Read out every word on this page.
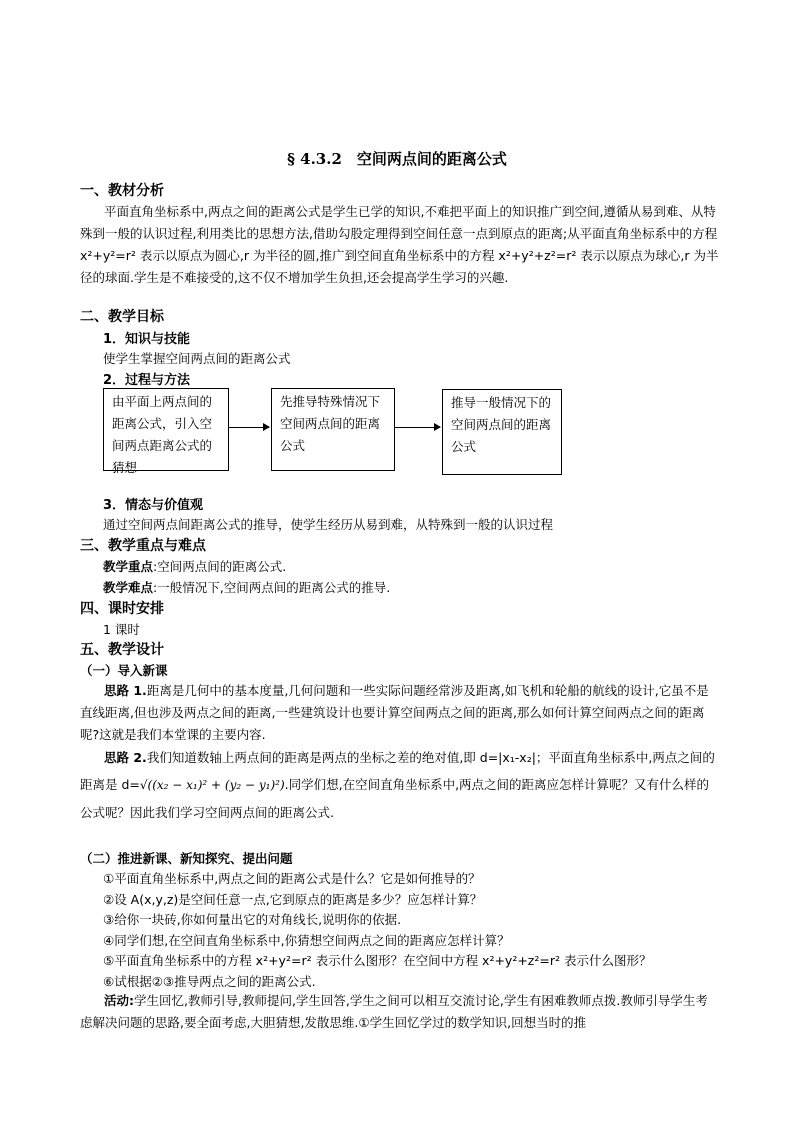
§ 4.3.2　空间两点间的距离公式
一、教材分析
平面直角坐标系中,两点之间的距离公式是学生已学的知识,不难把平面上的知识推广到空间,遵循从易到难、从特殊到一般的认识过程,利用类比的思想方法,借助勾股定理得到空间任意一点到原点的距离;从平面直角坐标系中的方程 x²+y²=r² 表示以原点为圆心,r 为半径的圆,推广到空间直角坐标系中的方程 x²+y²+z²=r² 表示以原点为球心,r 为半径的球面.学生是不难接受的,这不仅不增加学生负担,还会提高学生学习的兴趣.
二、教学目标
1．知识与技能
使学生掌握空间两点间的距离公式
2．过程与方法
由平面上两点间的距离公式，引入空间两点距离公式的猜想
先推导特殊情况下空间两点间的距离公式
推导一般情况下的空间两点间的距离公式
3．情态与价值观
通过空间两点间距离公式的推导，使学生经历从易到难，从特殊到一般的认识过程
三、教学重点与难点
教学重点:空间两点间的距离公式.
教学难点:一般情况下,空间两点间的距离公式的推导.
四、课时安排
1 课时
五、教学设计
（一）导入新课
思路 1.距离是几何中的基本度量,几何问题和一些实际问题经常涉及距离,如飞机和轮船的航线的设计,它虽不是直线距离,但也涉及两点之间的距离,一些建筑设计也要计算空间两点之间的距离,那么如何计算空间两点之间的距离呢?这就是我们本堂课的主要内容.
思路 2.我们知道数轴上两点间的距离是两点的坐标之差的绝对值,即 d=|x₁-x₂|；平面直角坐标系中,两点之间的距离是 d=√((x₂ − x₁)² + (y₂ − y₁)²).同学们想,在空间直角坐标系中,两点之间的距离应怎样计算呢？又有什么样的公式呢？因此我们学习空间两点间的距离公式.
（二）推进新课、新知探究、提出问题
①平面直角坐标系中,两点之间的距离公式是什么？它是如何推导的？
②设 A(x,y,z)是空间任意一点,它到原点的距离是多少？应怎样计算？
③给你一块砖,你如何量出它的对角线长,说明你的依据.
④同学们想,在空间直角坐标系中,你猜想空间两点之间的距离应怎样计算？
⑤平面直角坐标系中的方程 x²+y²=r² 表示什么图形？在空间中方程 x²+y²+z²=r² 表示什么图形？
⑥试根据②③推导两点之间的距离公式.
活动:学生回忆,教师引导,教师提问,学生回答,学生之间可以相互交流讨论,学生有困难教师点拨.教师引导学生考虑解决问题的思路,要全面考虑,大胆猜想,发散思维.①学生回忆学过的数学知识,回想当时的推
